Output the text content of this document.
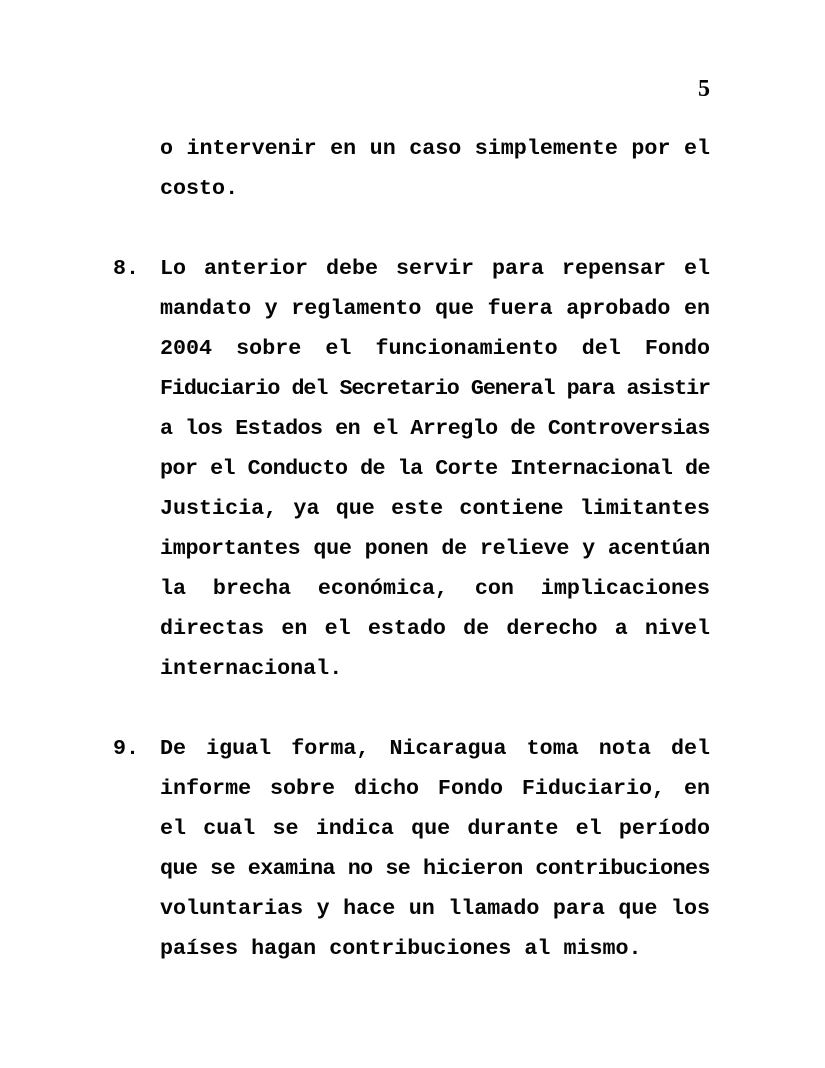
5
o intervenir en un caso simplemente por el
costo.
8. Lo anterior debe servir para repensar el
mandato y reglamento que fuera aprobado en
2004 sobre el funcionamiento del Fondo
Fiduciario del Secretario General para asistir
a los Estados en el Arreglo de Controversias
por el Conducto de la Corte Internacional de
Justicia, ya que este contiene limitantes
importantes que ponen de relieve y acentúan
la brecha económica, con implicaciones
directas en el estado de derecho a nivel
internacional.
9. De igual forma, Nicaragua toma nota del
informe sobre dicho Fondo Fiduciario, en
el cual se indica que durante el período
que se examina no se hicieron contribuciones
voluntarias y hace un llamado para que los
países hagan contribuciones al mismo.
